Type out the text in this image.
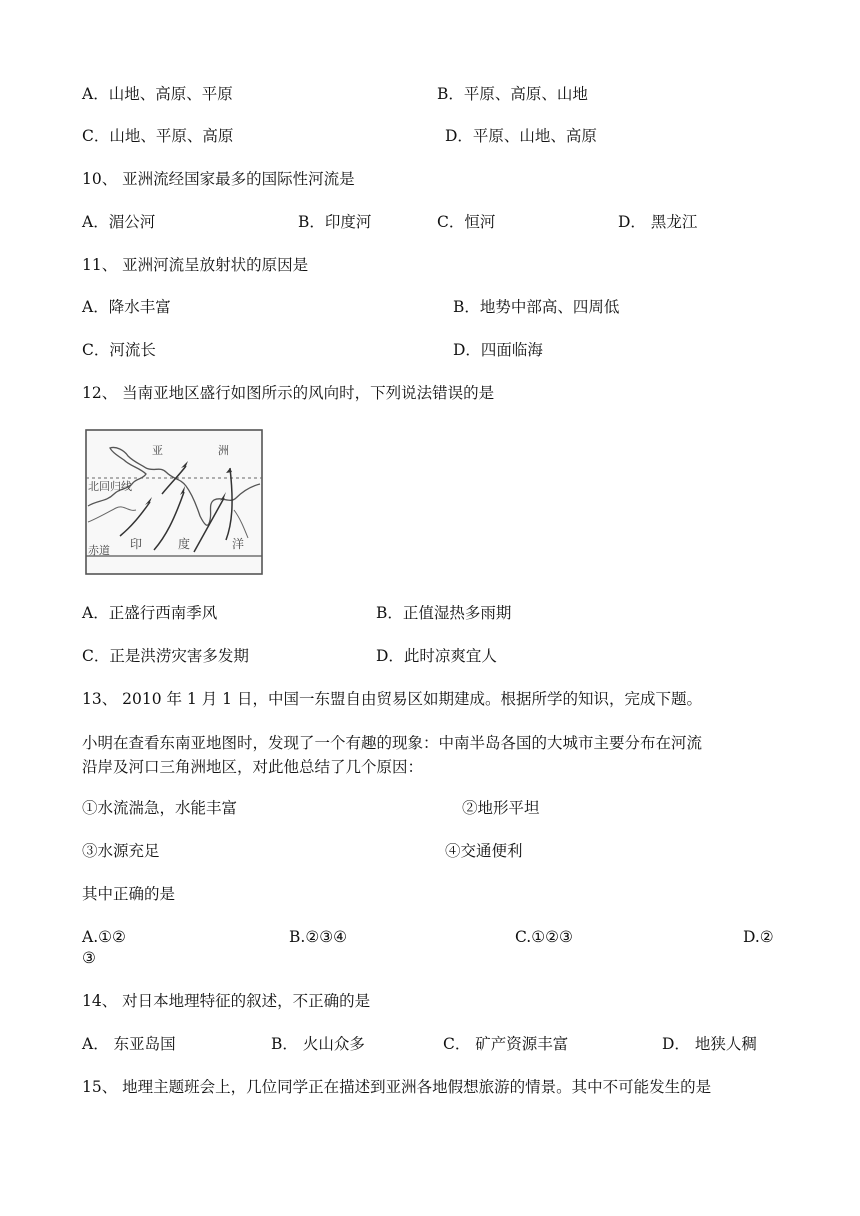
A．山地、高原、平原	B．平原、高原、山地
C．山地、平原、高原	D．平原、山地、高原
10、 亚洲流经国家最多的国际性河流是
A．湄公河	B．印度河	C．恒河	D． 黑龙江
11、 亚洲河流呈放射状的原因是
A．降水丰富	B．地势中部高、四周低
C．河流长	D．四面临海
12、 当南亚地区盛行如图所示的风向时，下列说法错误的是
亚	洲
北回归线
赤道 印	度	洋
A．正盛行西南季风	B．正值湿热多雨期
C．正是洪涝灾害多发期	D．此时凉爽宜人
13、 2010 年 1 月 1 日，中国一东盟自由贸易区如期建成。根据所学的知识，完成下题。
小明在查看东南亚地图时，发现了一个有趣的现象：中南半岛各国的大城市主要分布在河流
沿岸及河口三角洲地区，对此他总结了几个原因：
①水流湍急，水能丰富	②地形平坦
③水源充足	④交通便利
其中正确的是
A.①②	B.②③④	C.①②③	D.②
③
14、 对日本地理特征的叙述，不正确的是
A． 东亚岛国	B． 火山众多	C． 矿产资源丰富	D． 地狭人稠
15、 地理主题班会上，几位同学正在描述到亚洲各地假想旅游的情景。其中不可能发生的是
